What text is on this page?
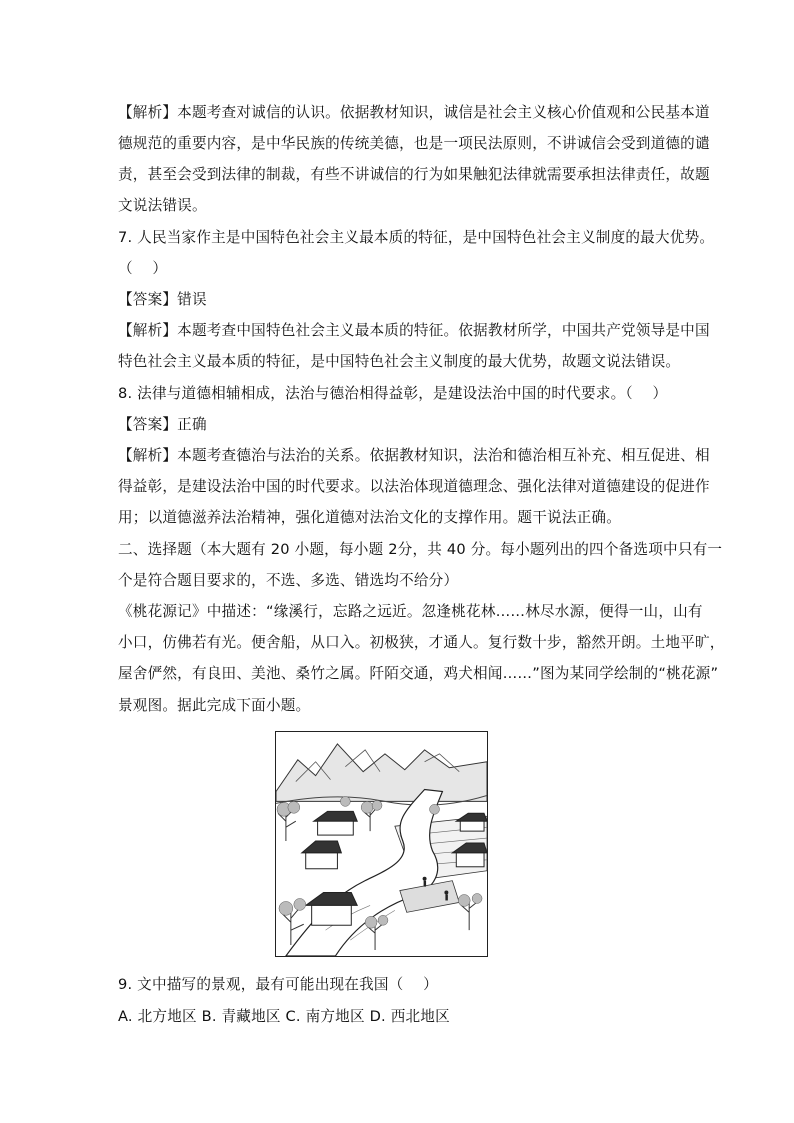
【解析】本题考查对诚信的认识。依据教材知识，诚信是社会主义核心价值观和公民基本道
德规范的重要内容，是中华民族的传统美德，也是一项民法原则，不讲诚信会受到道德的谴
责，甚至会受到法律的制裁，有些不讲诚信的行为如果触犯法律就需要承担法律责任，故题
文说法错误。
7. 人民当家作主是中国特色社会主义最本质的特征，是中国特色社会主义制度的最大优势。
（　 ）
【答案】错误
【解析】本题考查中国特色社会主义最本质的特征。依据教材所学，中国共产党领导是中国
特色社会主义最本质的特征，是中国特色社会主义制度的最大优势，故题文说法错误。
8. 法律与道德相辅相成，法治与德治相得益彰，是建设法治中国的时代要求。（　 ）
【答案】正确
【解析】本题考查德治与法治的关系。依据教材知识，法治和德治相互补充、相互促进、相
得益彰，是建设法治中国的时代要求。以法治体现道德理念、强化法律对道德建设的促进作
用；以道德滋养法治精神，强化道德对法治文化的支撑作用。题干说法正确。
二、选择题（本大题有 20 小题，每小题 2分，共 40 分。每小题列出的四个备选项中只有一
个是符合题目要求的，不选、多选、错选均不给分）
《桃花源记》中描述：“缘溪行，忘路之远近。忽逢桃花林……林尽水源，便得一山，山有
小口，仿佛若有光。便舍船，从口入。初极狭，才通人。复行数十步，豁然开朗。土地平旷，
屋舍俨然，有良田、美池、桑竹之属。阡陌交通，鸡犬相闻……”图为某同学绘制的“桃花源”
景观图。据此完成下面小题。
9. 文中描写的景观，最有可能出现在我国（　 ）
A. 北方地区 B. 青藏地区 C. 南方地区 D. 西北地区
